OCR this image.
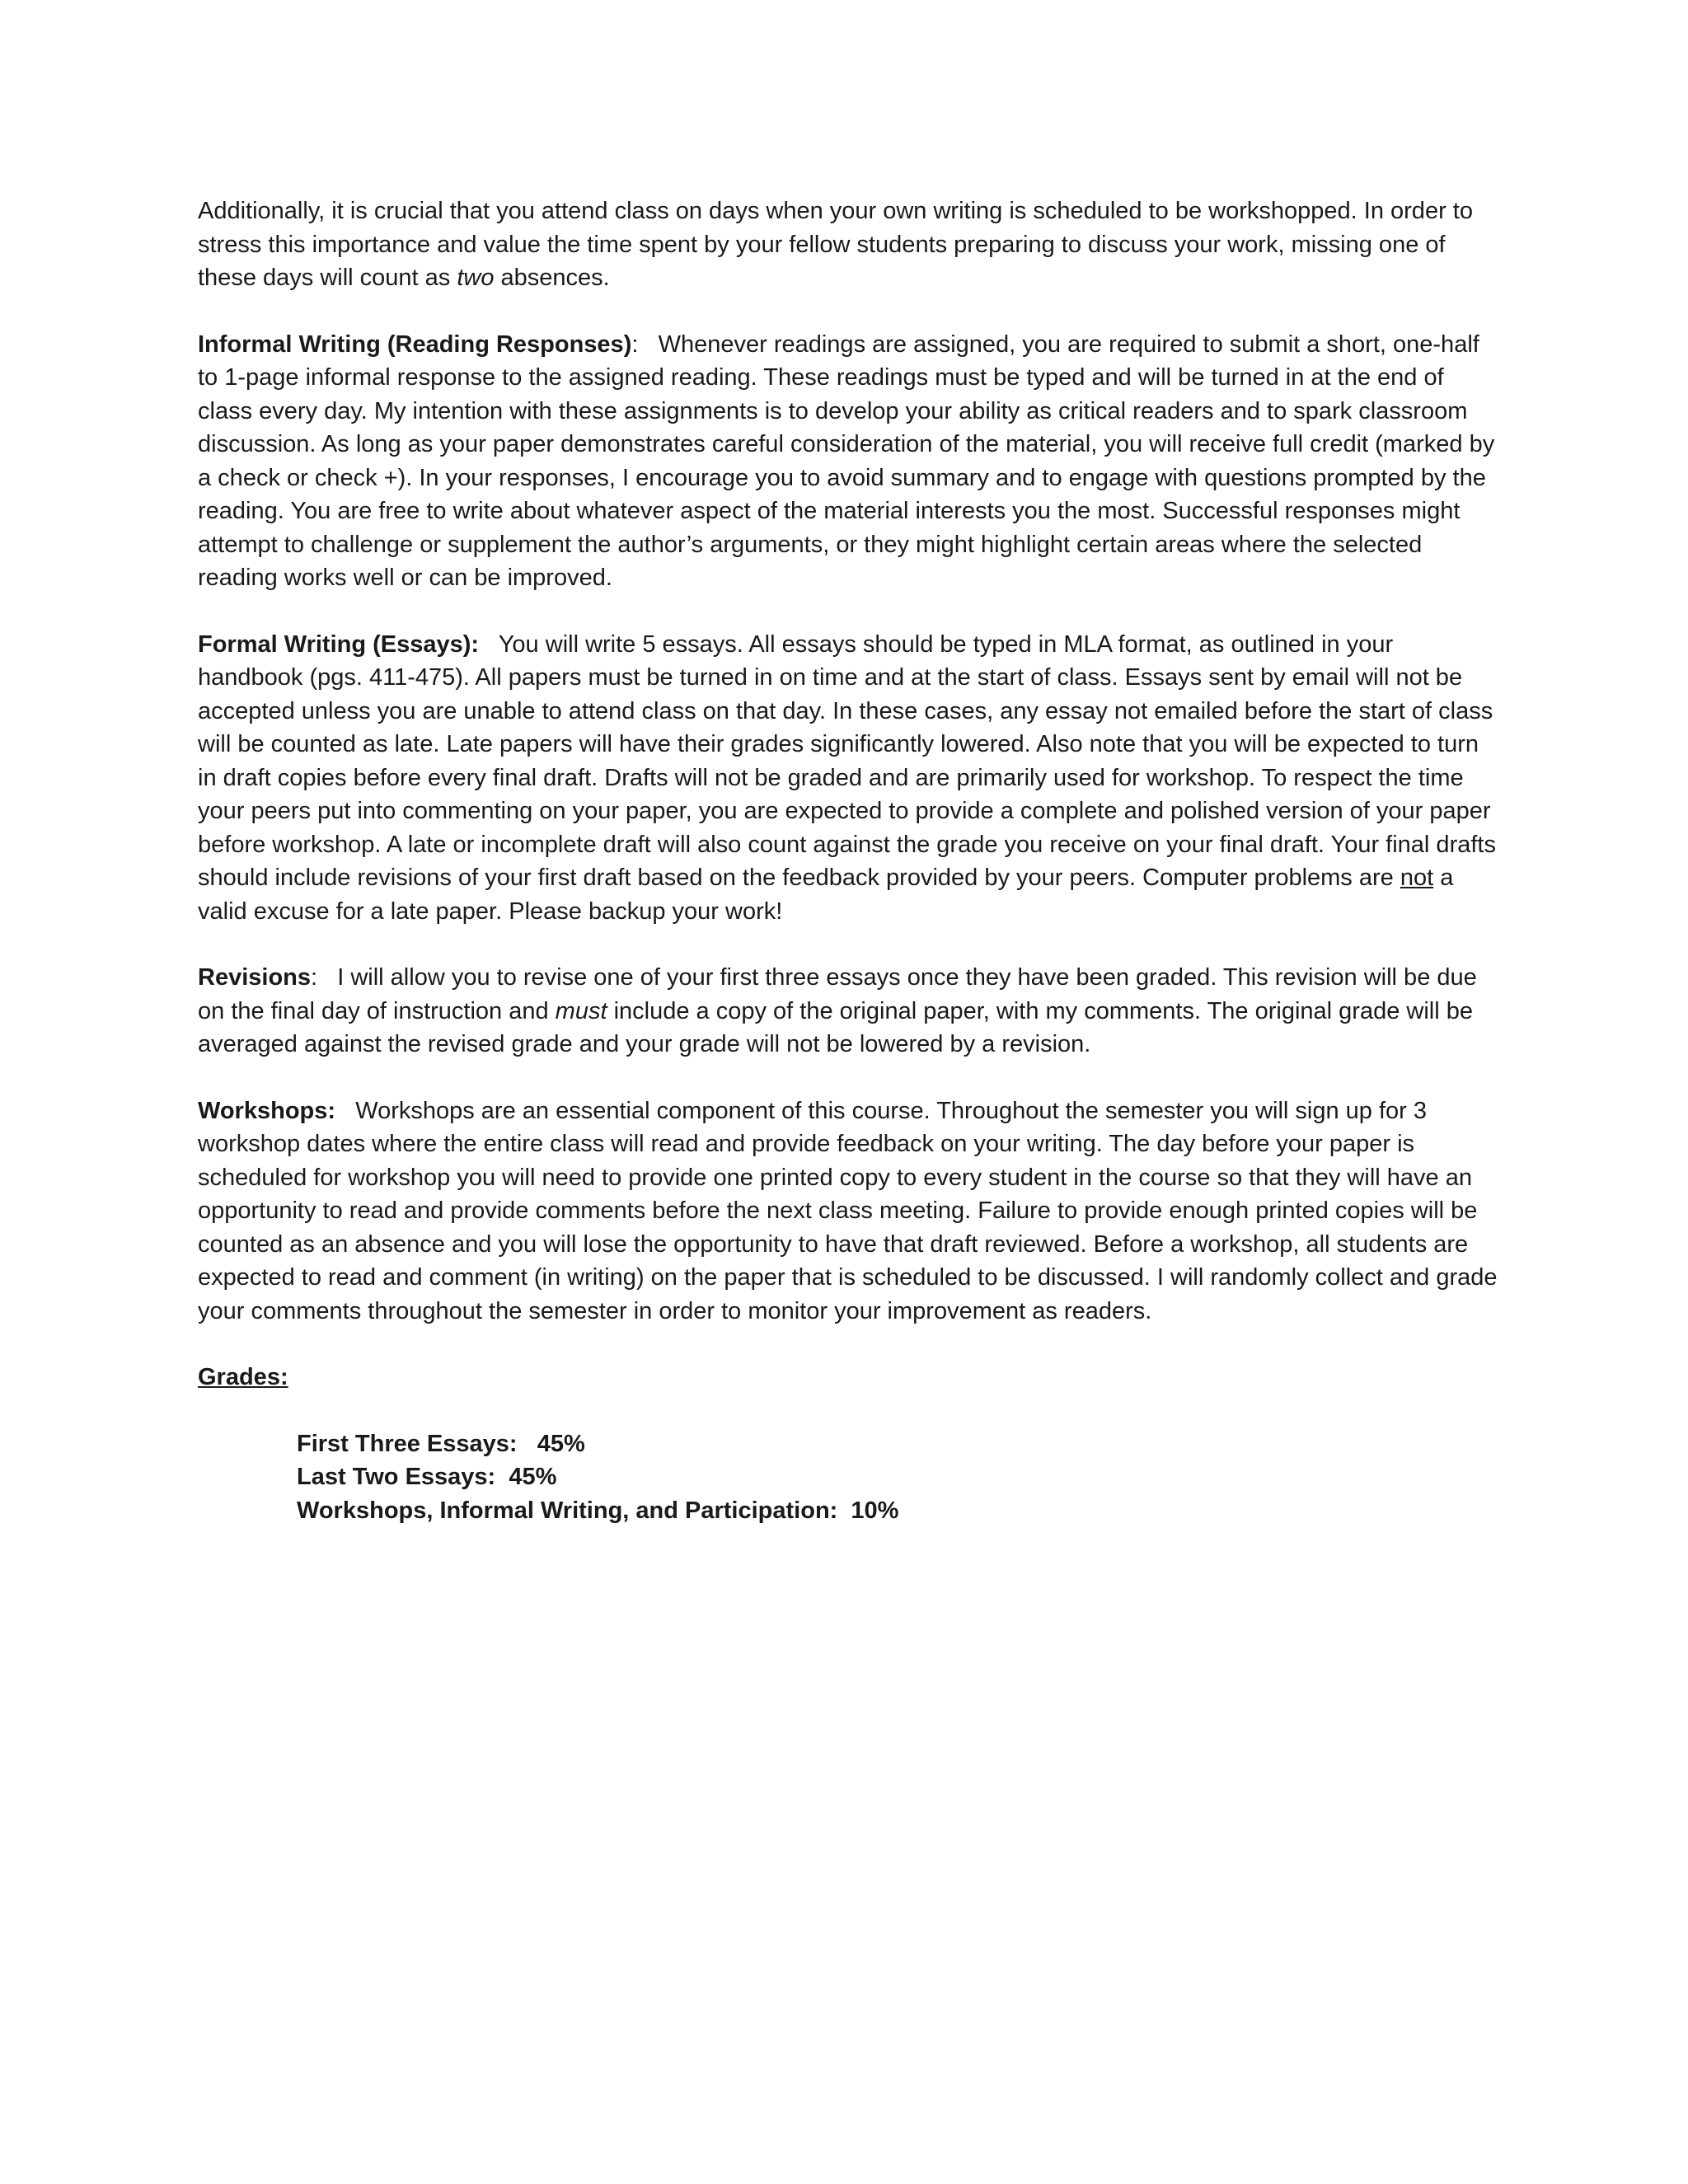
Additionally, it is crucial that you attend class on days when your own writing is scheduled to be workshopped. In order to stress this importance and value the time spent by your fellow students preparing to discuss your work, missing one of these days will count as two absences.

Informal Writing (Reading Responses): Whenever readings are assigned, you are required to submit a short, one-half to 1-page informal response to the assigned reading. These readings must be typed and will be turned in at the end of class every day. My intention with these assignments is to develop your ability as critical readers and to spark classroom discussion. As long as your paper demonstrates careful consideration of the material, you will receive full credit (marked by a check or check +). In your responses, I encourage you to avoid summary and to engage with questions prompted by the reading. You are free to write about whatever aspect of the material interests you the most. Successful responses might attempt to challenge or supplement the author’s arguments, or they might highlight certain areas where the selected reading works well or can be improved.

Formal Writing (Essays): You will write 5 essays. All essays should be typed in MLA format, as outlined in your handbook (pgs. 411-475). All papers must be turned in on time and at the start of class. Essays sent by email will not be accepted unless you are unable to attend class on that day. In these cases, any essay not emailed before the start of class will be counted as late. Late papers will have their grades significantly lowered. Also note that you will be expected to turn in draft copies before every final draft. Drafts will not be graded and are primarily used for workshop. To respect the time your peers put into commenting on your paper, you are expected to provide a complete and polished version of your paper before workshop. A late or incomplete draft will also count against the grade you receive on your final draft. Your final drafts should include revisions of your first draft based on the feedback provided by your peers. Computer problems are not a valid excuse for a late paper. Please backup your work!

Revisions: I will allow you to revise one of your first three essays once they have been graded. This revision will be due on the final day of instruction and must include a copy of the original paper, with my comments. The original grade will be averaged against the revised grade and your grade will not be lowered by a revision.

Workshops: Workshops are an essential component of this course. Throughout the semester you will sign up for 3 workshop dates where the entire class will read and provide feedback on your writing. The day before your paper is scheduled for workshop you will need to provide one printed copy to every student in the course so that they will have an opportunity to read and provide comments before the next class meeting. Failure to provide enough printed copies will be counted as an absence and you will lose the opportunity to have that draft reviewed. Before a workshop, all students are expected to read and comment (in writing) on the paper that is scheduled to be discussed. I will randomly collect and grade your comments throughout the semester in order to monitor your improvement as readers.

Grades:
First Three Essays:   45%
Last Two Essays:  45%
Workshops, Informal Writing, and Participation:  10%
